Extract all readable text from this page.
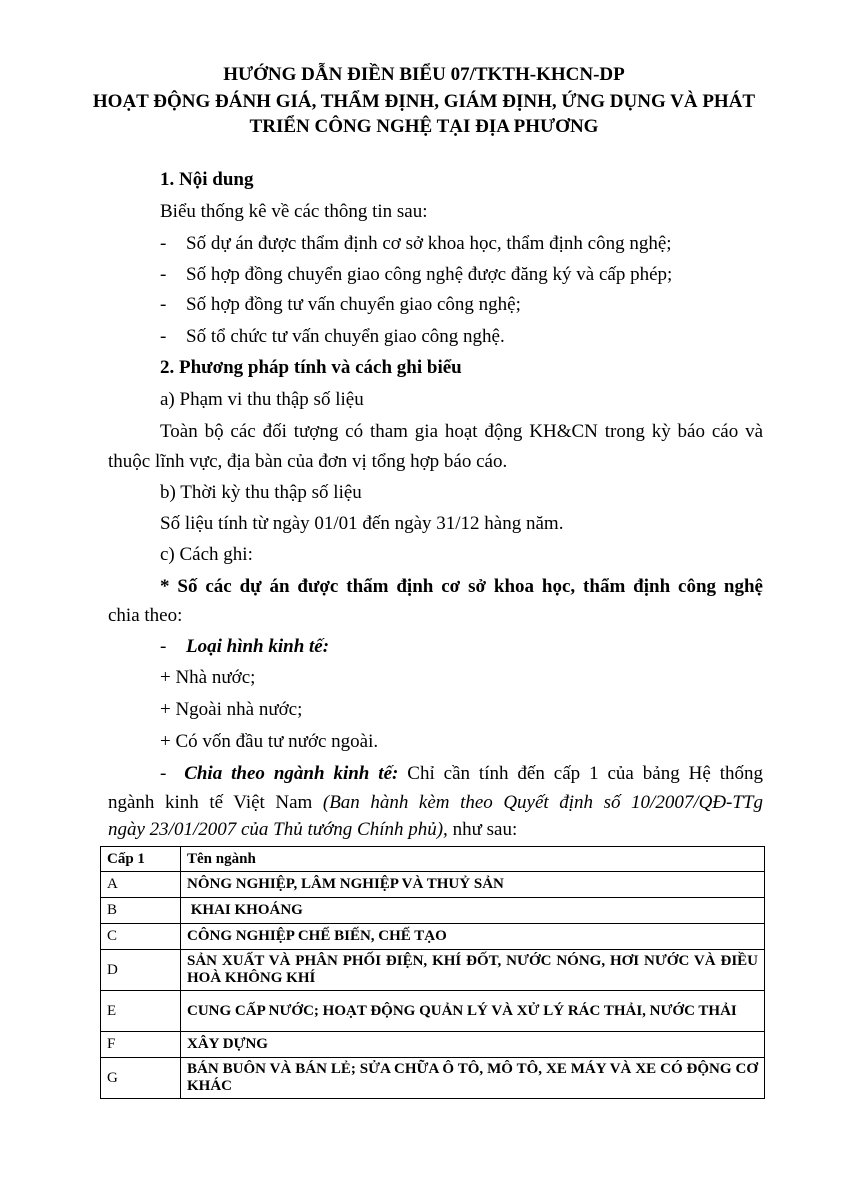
HƯỚNG DẪN ĐIỀN BIỂU 07/TKTH-KHCN-DP
HOẠT ĐỘNG ĐÁNH GIÁ, THẨM ĐỊNH, GIÁM ĐỊNH, ỨNG DỤNG VÀ PHÁT
TRIỂN CÔNG NGHỆ TẠI ĐỊA PHƯƠNG
1. Nội dung
Biểu thống kê về các thông tin sau:
- Số dự án được thẩm định cơ sở khoa học, thẩm định công nghệ;
- Số hợp đồng chuyển giao công nghệ được đăng ký và cấp phép;
- Số hợp đồng tư vấn chuyển giao công nghệ;
- Số tổ chức tư vấn chuyển giao công nghệ.
2. Phương pháp tính và cách ghi biểu
a) Phạm vi thu thập số liệu
Toàn bộ các đối tượng có tham gia hoạt động KH&CN trong kỳ báo cáo và
thuộc lĩnh vực, địa bàn của đơn vị tổng hợp báo cáo.
b) Thời kỳ thu thập số liệu
Số liệu tính từ ngày 01/01 đến ngày 31/12 hàng năm.
c) Cách ghi:
* Số các dự án được thẩm định cơ sở khoa học, thẩm định công nghệ
chia theo:
- Loại hình kinh tế:
+ Nhà nước;
+ Ngoài nhà nước;
+ Có vốn đầu tư nước ngoài.
- Chia theo ngành kinh tế: Chỉ cần tính đến cấp 1 của bảng Hệ thống
ngành kinh tế Việt Nam (Ban hành kèm theo Quyết định số 10/2007/QĐ-TTg
ngày 23/01/2007 của Thủ tướng Chính phủ), như sau:
Cấp 1	Tên ngành
A	NÔNG NGHIỆP, LÂM NGHIỆP VÀ THUỶ SẢN
B	KHAI KHOÁNG
C	CÔNG NGHIỆP CHẾ BIẾN, CHẾ TẠO
D	SẢN XUẤT VÀ PHÂN PHỐI ĐIỆN, KHÍ ĐỐT, NƯỚC NÓNG, HƠI NƯỚC VÀ ĐIỀU HOÀ KHÔNG KHÍ
E	CUNG CẤP NƯỚC; HOẠT ĐỘNG QUẢN LÝ VÀ XỬ LÝ RÁC THẢI, NƯỚC THẢI
F	XÂY DỰNG
G	BÁN BUÔN VÀ BÁN LẺ; SỬA CHỮA Ô TÔ, MÔ TÔ, XE MÁY VÀ XE CÓ ĐỘNG CƠ KHÁC
